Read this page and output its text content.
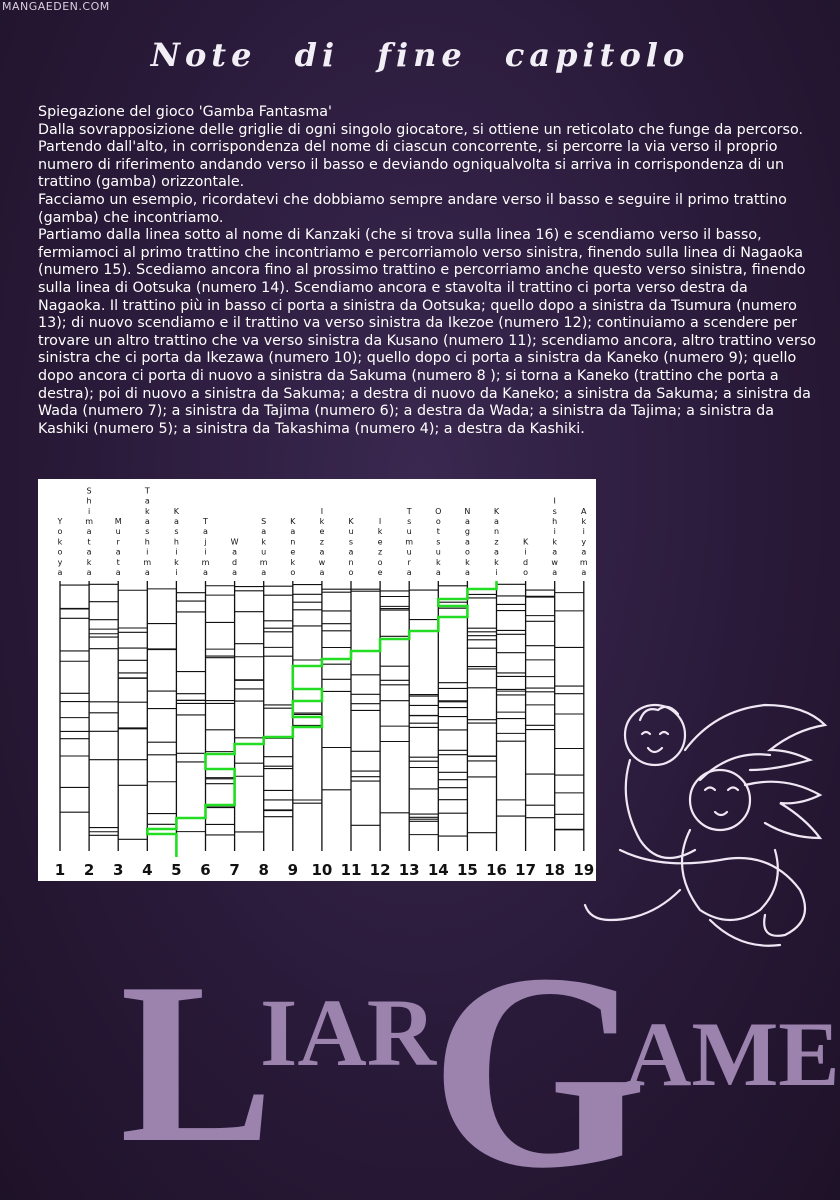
MANGAEDEN.COM
Note di fine capitolo

Spiegazione del gioco 'Gamba Fantasma'

Dalla sovrapposizione delle griglie di ogni singolo giocatore, si ottiene un reticolato che funge da percorso. Partendo dall'alto, in corrispondenza del nome di ciascun concorrente, si percorre la via verso il proprio numero di riferimento andando verso il basso e deviando ogniqualvolta si arriva in corrispondenza di un trattino (gamba) orizzontale.

Facciamo un esempio, ricordatevi che dobbiamo sempre andare verso il basso e seguire il primo trattino (gamba) che incontriamo.

Partiamo dalla linea sotto al nome di Kanzaki (che si trova sulla linea 16) e scendiamo verso il basso, fermiamoci al primo trattino che incontriamo e percorriamolo verso sinistra, finendo sulla linea di Nagaoka (numero 15). Scediamo ancora fino al prossimo trattino e percorriamo anche questo verso sinistra, finendo sulla linea di Ootsuka (numero 14). Scendiamo ancora e stavolta il trattino ci porta verso destra da Nagaoka. Il trattino più in basso ci porta a sinistra da Ootsuka; quello dopo a sinistra da Tsumura (numero 13); di nuovo scendiamo e il trattino va verso sinistra da Ikezoe (numero 12); continuiamo a scendere per trovare un altro trattino che va verso sinistra da Kusano (numero 11); scendiamo ancora, altro trattino verso sinistra che ci porta da Ikezawa (numero 10); quello dopo ci porta a sinistra da Kaneko (numero 9); quello dopo ancora ci porta di nuovo a sinistra da Sakuma (numero 8 ); si torna a Kaneko (trattino che porta a destra); poi di nuovo a sinistra da Sakuma; a destra di nuovo da Kaneko; a sinistra da Sakuma; a sinistra da Wada (numero 7); a sinistra da Tajima (numero 6); a destra da Wada; a sinistra da Tajima; a sinistra da Kashiki (numero 5); a sinistra da Takashima (numero 4); a destra da Kashiki.

Y o k o y a
S h i m a t a k a
M u r a t a
T a k a s h i m a
K a s h i k i
T a j i m a
W a d a
S a k u m a
K a n e k o
I k e z a w a
K u s a n o
I k e z o e
T s u m u r a
O o t s u k a
N a g a o k a
K a n z a k i
K i d o
I s h i k a w a
A k i y a m a
1 2 3 4 5 6 7 8 9 10 11 12 13 14 15 16 17 18 19
L
IAR
G
AME
